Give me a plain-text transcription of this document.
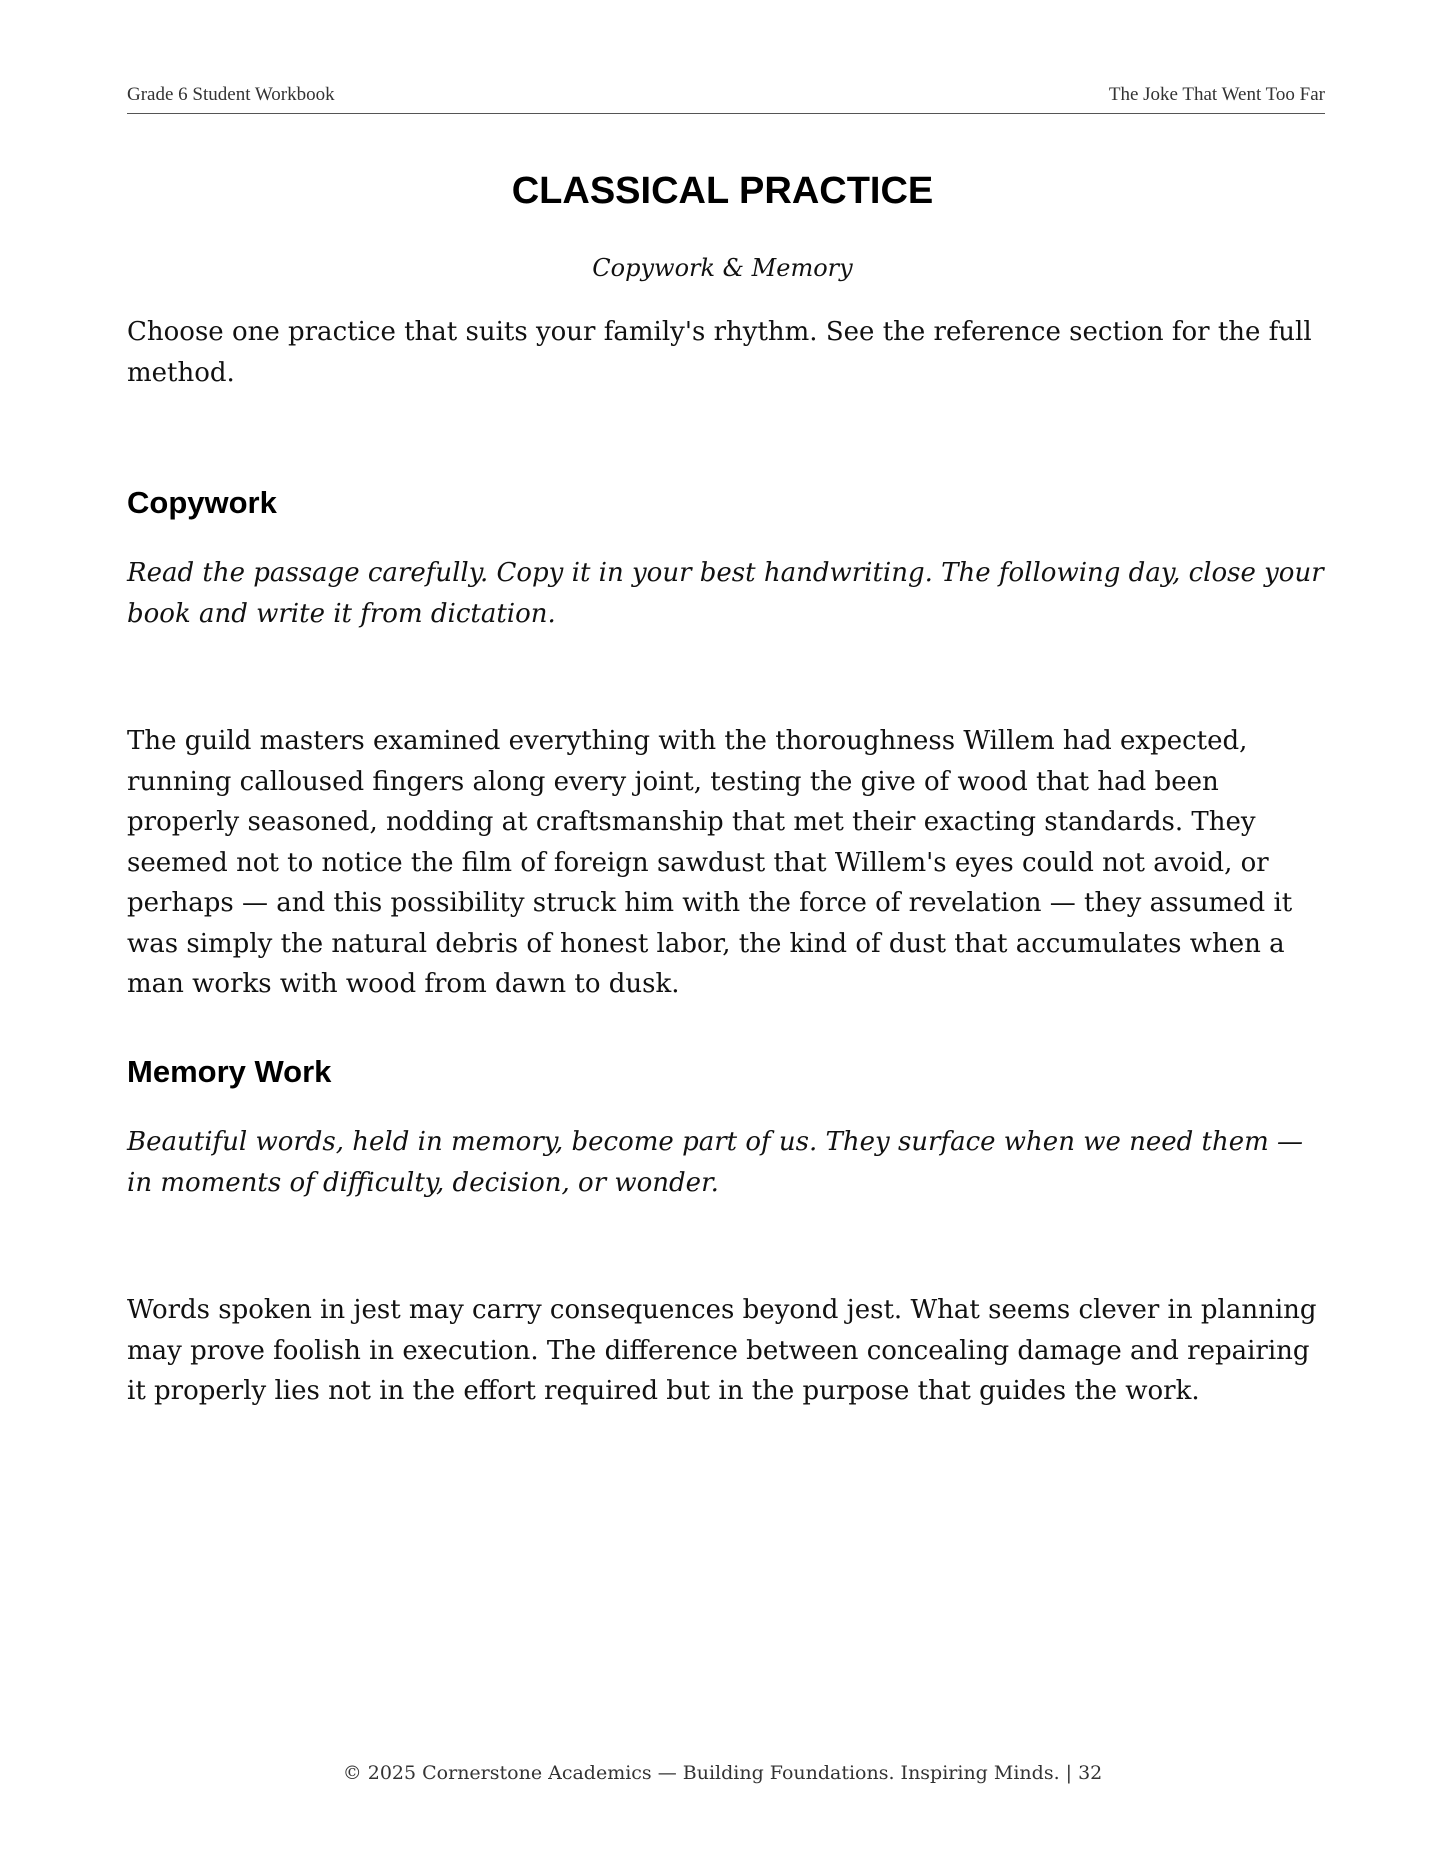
Grade 6 Student Workbook	The Joke That Went Too Far
CLASSICAL PRACTICE

Copywork & Memory

Choose one practice that suits your family's rhythm. See the reference section for the full method.

Copywork

Read the passage carefully. Copy it in your best handwriting. The following day, close your book and write it from dictation.

The guild masters examined everything with the thoroughness Willem had expected, running calloused fingers along every joint, testing the give of wood that had been properly seasoned, nodding at craftsmanship that met their exacting standards. They seemed not to notice the film of foreign sawdust that Willem's eyes could not avoid, or perhaps — and this possibility struck him with the force of revelation — they assumed it was simply the natural debris of honest labor, the kind of dust that accumulates when a man works with wood from dawn to dusk.

Memory Work

Beautiful words, held in memory, become part of us. They surface when we need them — in moments of difficulty, decision, or wonder.

Words spoken in jest may carry consequences beyond jest. What seems clever in planning may prove foolish in execution. The difference between concealing damage and repairing it properly lies not in the effort required but in the purpose that guides the work.

© 2025 Cornerstone Academics — Building Foundations. Inspiring Minds. | 32
